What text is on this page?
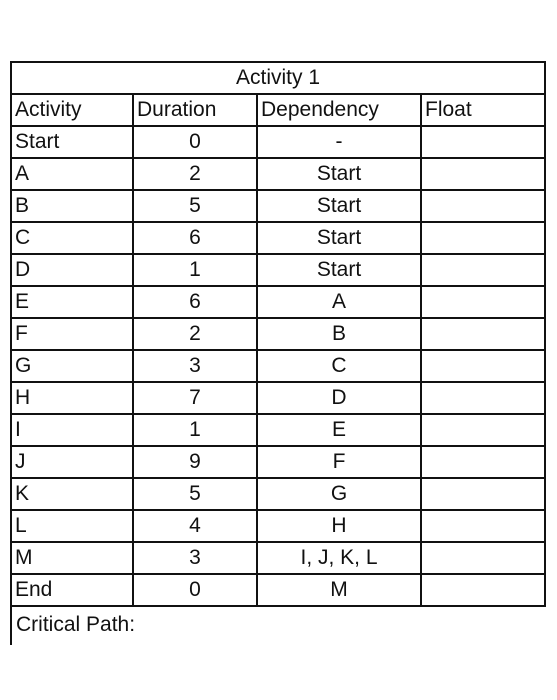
Activity 1			
Activity	Duration	Dependency	Float
Start	0	-	
A	2	Start	
B	5	Start	
C	6	Start	
D	1	Start	
E	6	A	
F	2	B	
G	3	C	
H	7	D	
I	1	E	
J	9	F	
K	5	G	
L	4	H	
M	3	I, J, K, L	
End	0	M	
Critical Path:
